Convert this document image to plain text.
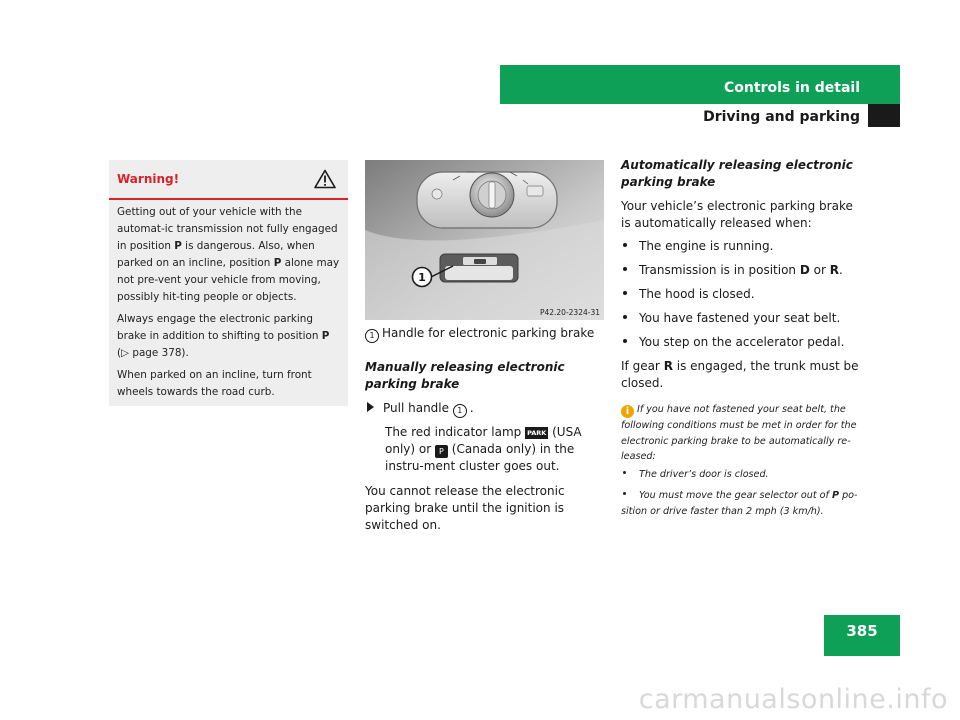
Controls in detail
Driving and parking
Warning!

Getting out of your vehicle with the automat-ic transmission not fully engaged in position P is dangerous. Also, when parked on an incline, position P alone may not pre-vent your vehicle from moving, possibly hit-ting people or objects.

Always engage the electronic parking brake in addition to shifting to position P
(▷ page 378).

When parked on an incline, turn front wheels towards the road curb.

1
P42.20-2324-31
1 Handle for electronic parking brake
Manually releasing electronic parking brake
Pull handle 1 .
The red indicator lamp PARK (USA only) or P (Canada only) in the instru-ment cluster goes out.
You cannot release the electronic parking brake until the ignition is switched on.
Automatically releasing electronic parking brake
Your vehicle’s electronic parking brake is automatically released when:
The engine is running.
Transmission is in position D or R.
The hood is closed.
You have fastened your seat belt.
You step on the accelerator pedal.
If gear R is engaged, the trunk must be closed.
i If you have not fastened your seat belt, the following conditions must be met in order for the electronic parking brake to be automatically re-leased:
The driver’s door is closed.
You must move the gear selector out of P po-sition or drive faster than 2 mph (3 km/h).
385
carmanualsonline.info
